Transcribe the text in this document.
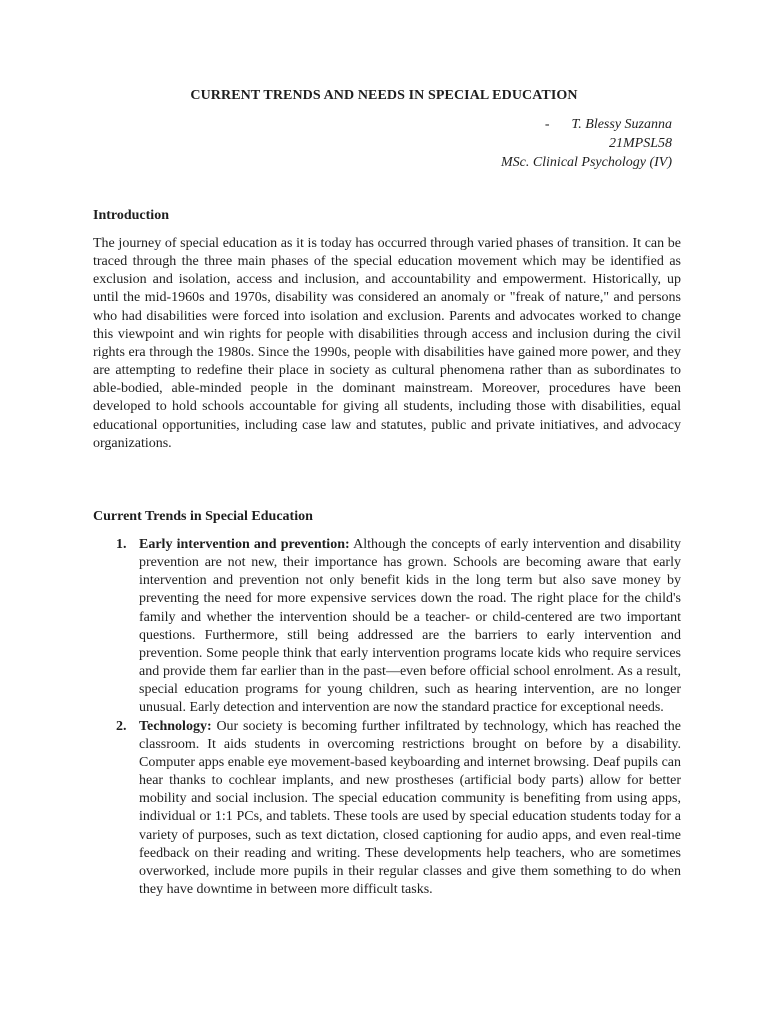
CURRENT TRENDS AND NEEDS IN SPECIAL EDUCATION
- T. Blessy Suzanna
21MPSL58
MSc. Clinical Psychology (IV)
Introduction
The journey of special education as it is today has occurred through varied phases of transition. It can be traced through the three main phases of the special education movement which may be identified as exclusion and isolation, access and inclusion, and accountability and empowerment. Historically, up until the mid-1960s and 1970s, disability was considered an anomaly or "freak of nature," and persons who had disabilities were forced into isolation and exclusion. Parents and advocates worked to change this viewpoint and win rights for people with disabilities through access and inclusion during the civil rights era through the 1980s. Since the 1990s, people with disabilities have gained more power, and they are attempting to redefine their place in society as cultural phenomena rather than as subordinates to able-bodied, able-minded people in the dominant mainstream. Moreover, procedures have been developed to hold schools accountable for giving all students, including those with disabilities, equal educational opportunities, including case law and statutes, public and private initiatives, and advocacy organizations.
Current Trends in Special Education
1. Early intervention and prevention: Although the concepts of early intervention and disability prevention are not new, their importance has grown. Schools are becoming aware that early intervention and prevention not only benefit kids in the long term but also save money by preventing the need for more expensive services down the road. The right place for the child's family and whether the intervention should be a teacher- or child-centered are two important questions. Furthermore, still being addressed are the barriers to early intervention and prevention. Some people think that early intervention programs locate kids who require services and provide them far earlier than in the past—even before official school enrolment. As a result, special education programs for young children, such as hearing intervention, are no longer unusual. Early detection and intervention are now the standard practice for exceptional needs.
2. Technology: Our society is becoming further infiltrated by technology, which has reached the classroom. It aids students in overcoming restrictions brought on before by a disability. Computer apps enable eye movement-based keyboarding and internet browsing. Deaf pupils can hear thanks to cochlear implants, and new prostheses (artificial body parts) allow for better mobility and social inclusion. The special education community is benefiting from using apps, individual or 1:1 PCs, and tablets. These tools are used by special education students today for a variety of purposes, such as text dictation, closed captioning for audio apps, and even real-time feedback on their reading and writing. These developments help teachers, who are sometimes overworked, include more pupils in their regular classes and give them something to do when they have downtime in between more difficult tasks.
